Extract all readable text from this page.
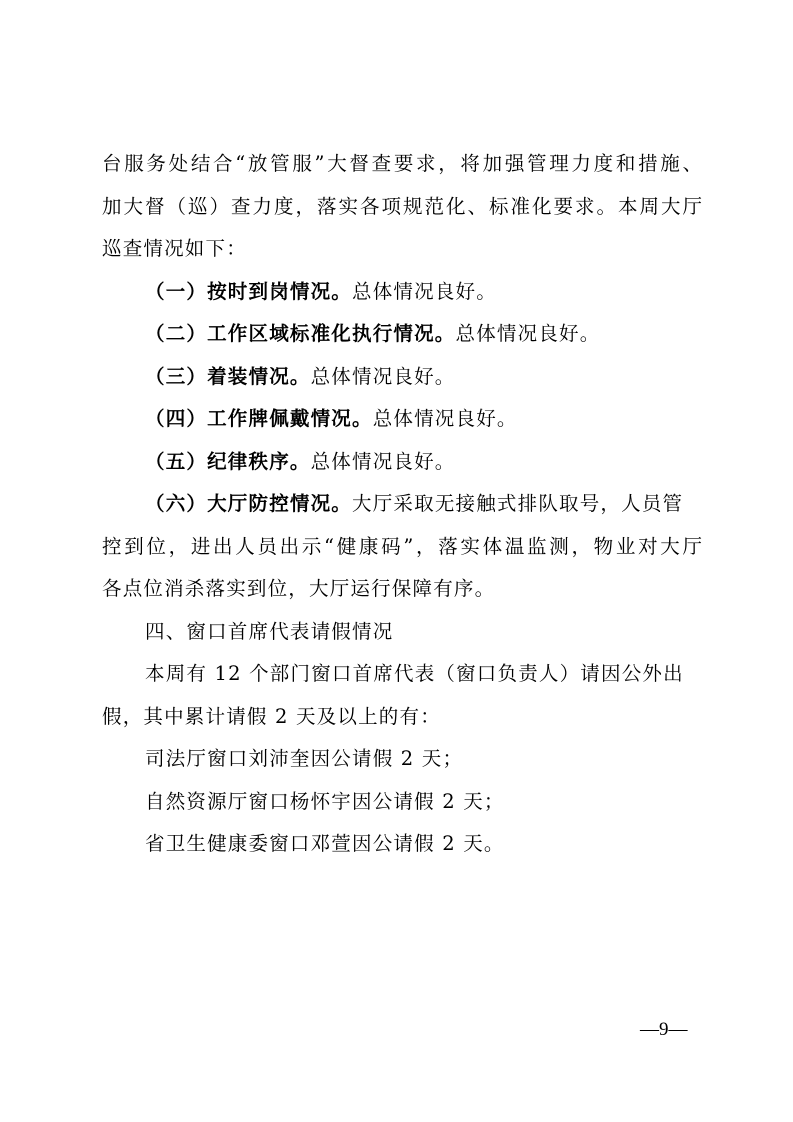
台服务处结合“放管服”大督查要求，将加强管理力度和措施、
加大督（巡）查力度，落实各项规范化、标准化要求。本周大厅
巡查情况如下：
（一）按时到岗情况。总体情况良好。
（二）工作区域标准化执行情况。总体情况良好。
（三）着装情况。总体情况良好。
（四）工作牌佩戴情况。总体情况良好。
（五）纪律秩序。总体情况良好。
（六）大厅防控情况。大厅采取无接触式排队取号，人员管
控到位，进出人员出示“健康码”，落实体温监测，物业对大厅
各点位消杀落实到位，大厅运行保障有序。
四、窗口首席代表请假情况
本周有 12 个部门窗口首席代表（窗口负责人）请因公外出
假，其中累计请假 2 天及以上的有：
司法厅窗口刘沛奎因公请假 2 天；
自然资源厅窗口杨怀宇因公请假 2 天；
省卫生健康委窗口邓萱因公请假 2 天。
—9—
